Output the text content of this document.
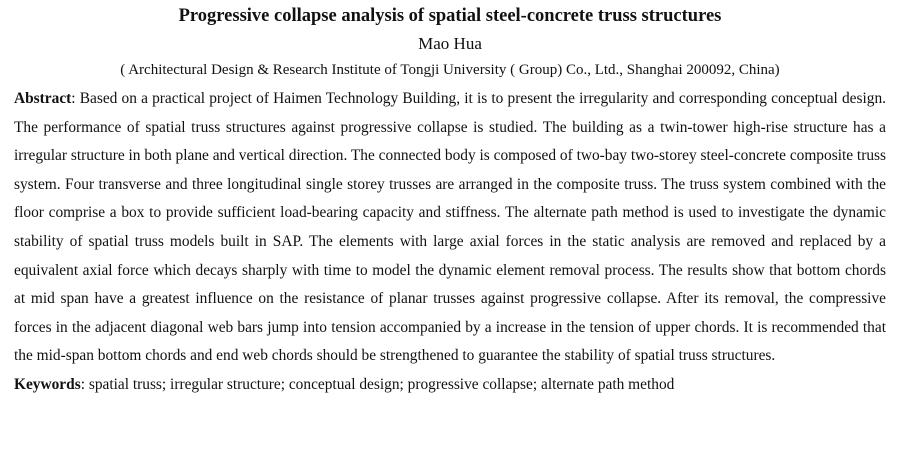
Progressive collapse analysis of spatial steel-concrete truss structures
Mao Hua
( Architectural Design & Research Institute of Tongji University ( Group) Co., Ltd., Shanghai 200092, China)
Abstract: Based on a practical project of Haimen Technology Building, it is to present the irregularity and corresponding conceptual design. The performance of spatial truss structures against progressive collapse is studied. The building as a twin-tower high-rise structure has a irregular structure in both plane and vertical direction. The connected body is composed of two-bay two-storey steel-concrete composite truss system. Four transverse and three longitudinal single storey trusses are arranged in the composite truss. The truss system combined with the floor comprise a box to provide sufficient load-bearing capacity and stiffness. The alternate path method is used to investigate the dynamic stability of spatial truss models built in SAP. The elements with large axial forces in the static analysis are removed and replaced by a equivalent axial force which decays sharply with time to model the dynamic element removal process. The results show that bottom chords at mid span have a greatest influence on the resistance of planar trusses against progressive collapse. After its removal, the compressive forces in the adjacent diagonal web bars jump into tension accompanied by a increase in the tension of upper chords. It is recommended that the mid-span bottom chords and end web chords should be strengthened to guarantee the stability of spatial truss structures.
Keywords: spatial truss; irregular structure; conceptual design; progressive collapse; alternate path method
